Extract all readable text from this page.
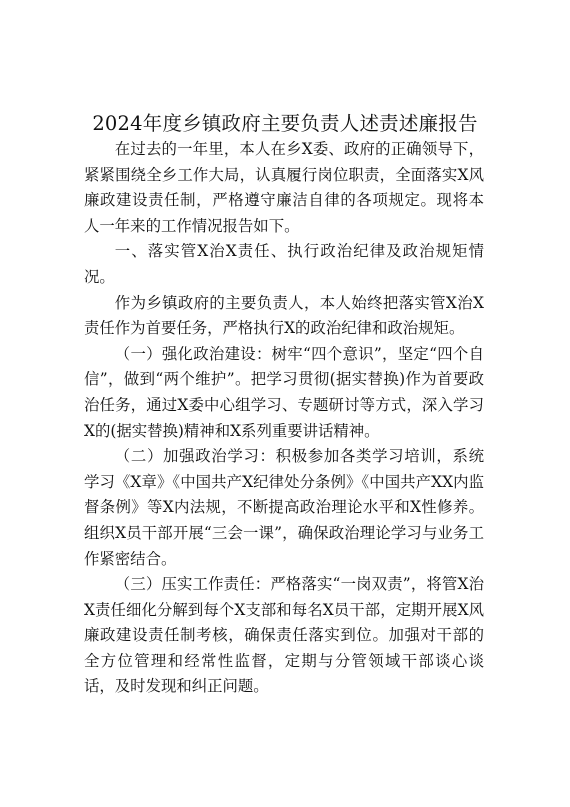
2024年度乡镇政府主要负责人述责述廉报告

在过去的一年里，本人在乡X委、政府的正确领导下，紧紧围绕全乡工作大局，认真履行岗位职责，全面落实X风廉政建设责任制，严格遵守廉洁自律的各项规定。现将本人一年来的工作情况报告如下。

一、落实管X治X责任、执行政治纪律及政治规矩情况。

作为乡镇政府的主要负责人，本人始终把落实管X治X责任作为首要任务，严格执行X的政治纪律和政治规矩。

（一）强化政治建设：树牢“四个意识”，坚定“四个自信”，做到“两个维护”。把学习贯彻(据实替换)作为首要政治任务，通过X委中心组学习、专题研讨等方式，深入学习X的(据实替换)精神和X系列重要讲话精神。

（二）加强政治学习：积极参加各类学习培训，系统学习《X章》《中国共产X纪律处分条例》《中国共产XX内监督条例》等X内法规，不断提高政治理论水平和X性修养。组织X员干部开展“三会一课”，确保政治理论学习与业务工作紧密结合。

（三）压实工作责任：严格落实“一岗双责”，将管X治X责任细化分解到每个X支部和每名X员干部，定期开展X风廉政建设责任制考核，确保责任落实到位。加强对干部的全方位管理和经常性监督，定期与分管领域干部谈心谈话，及时发现和纠正问题。
